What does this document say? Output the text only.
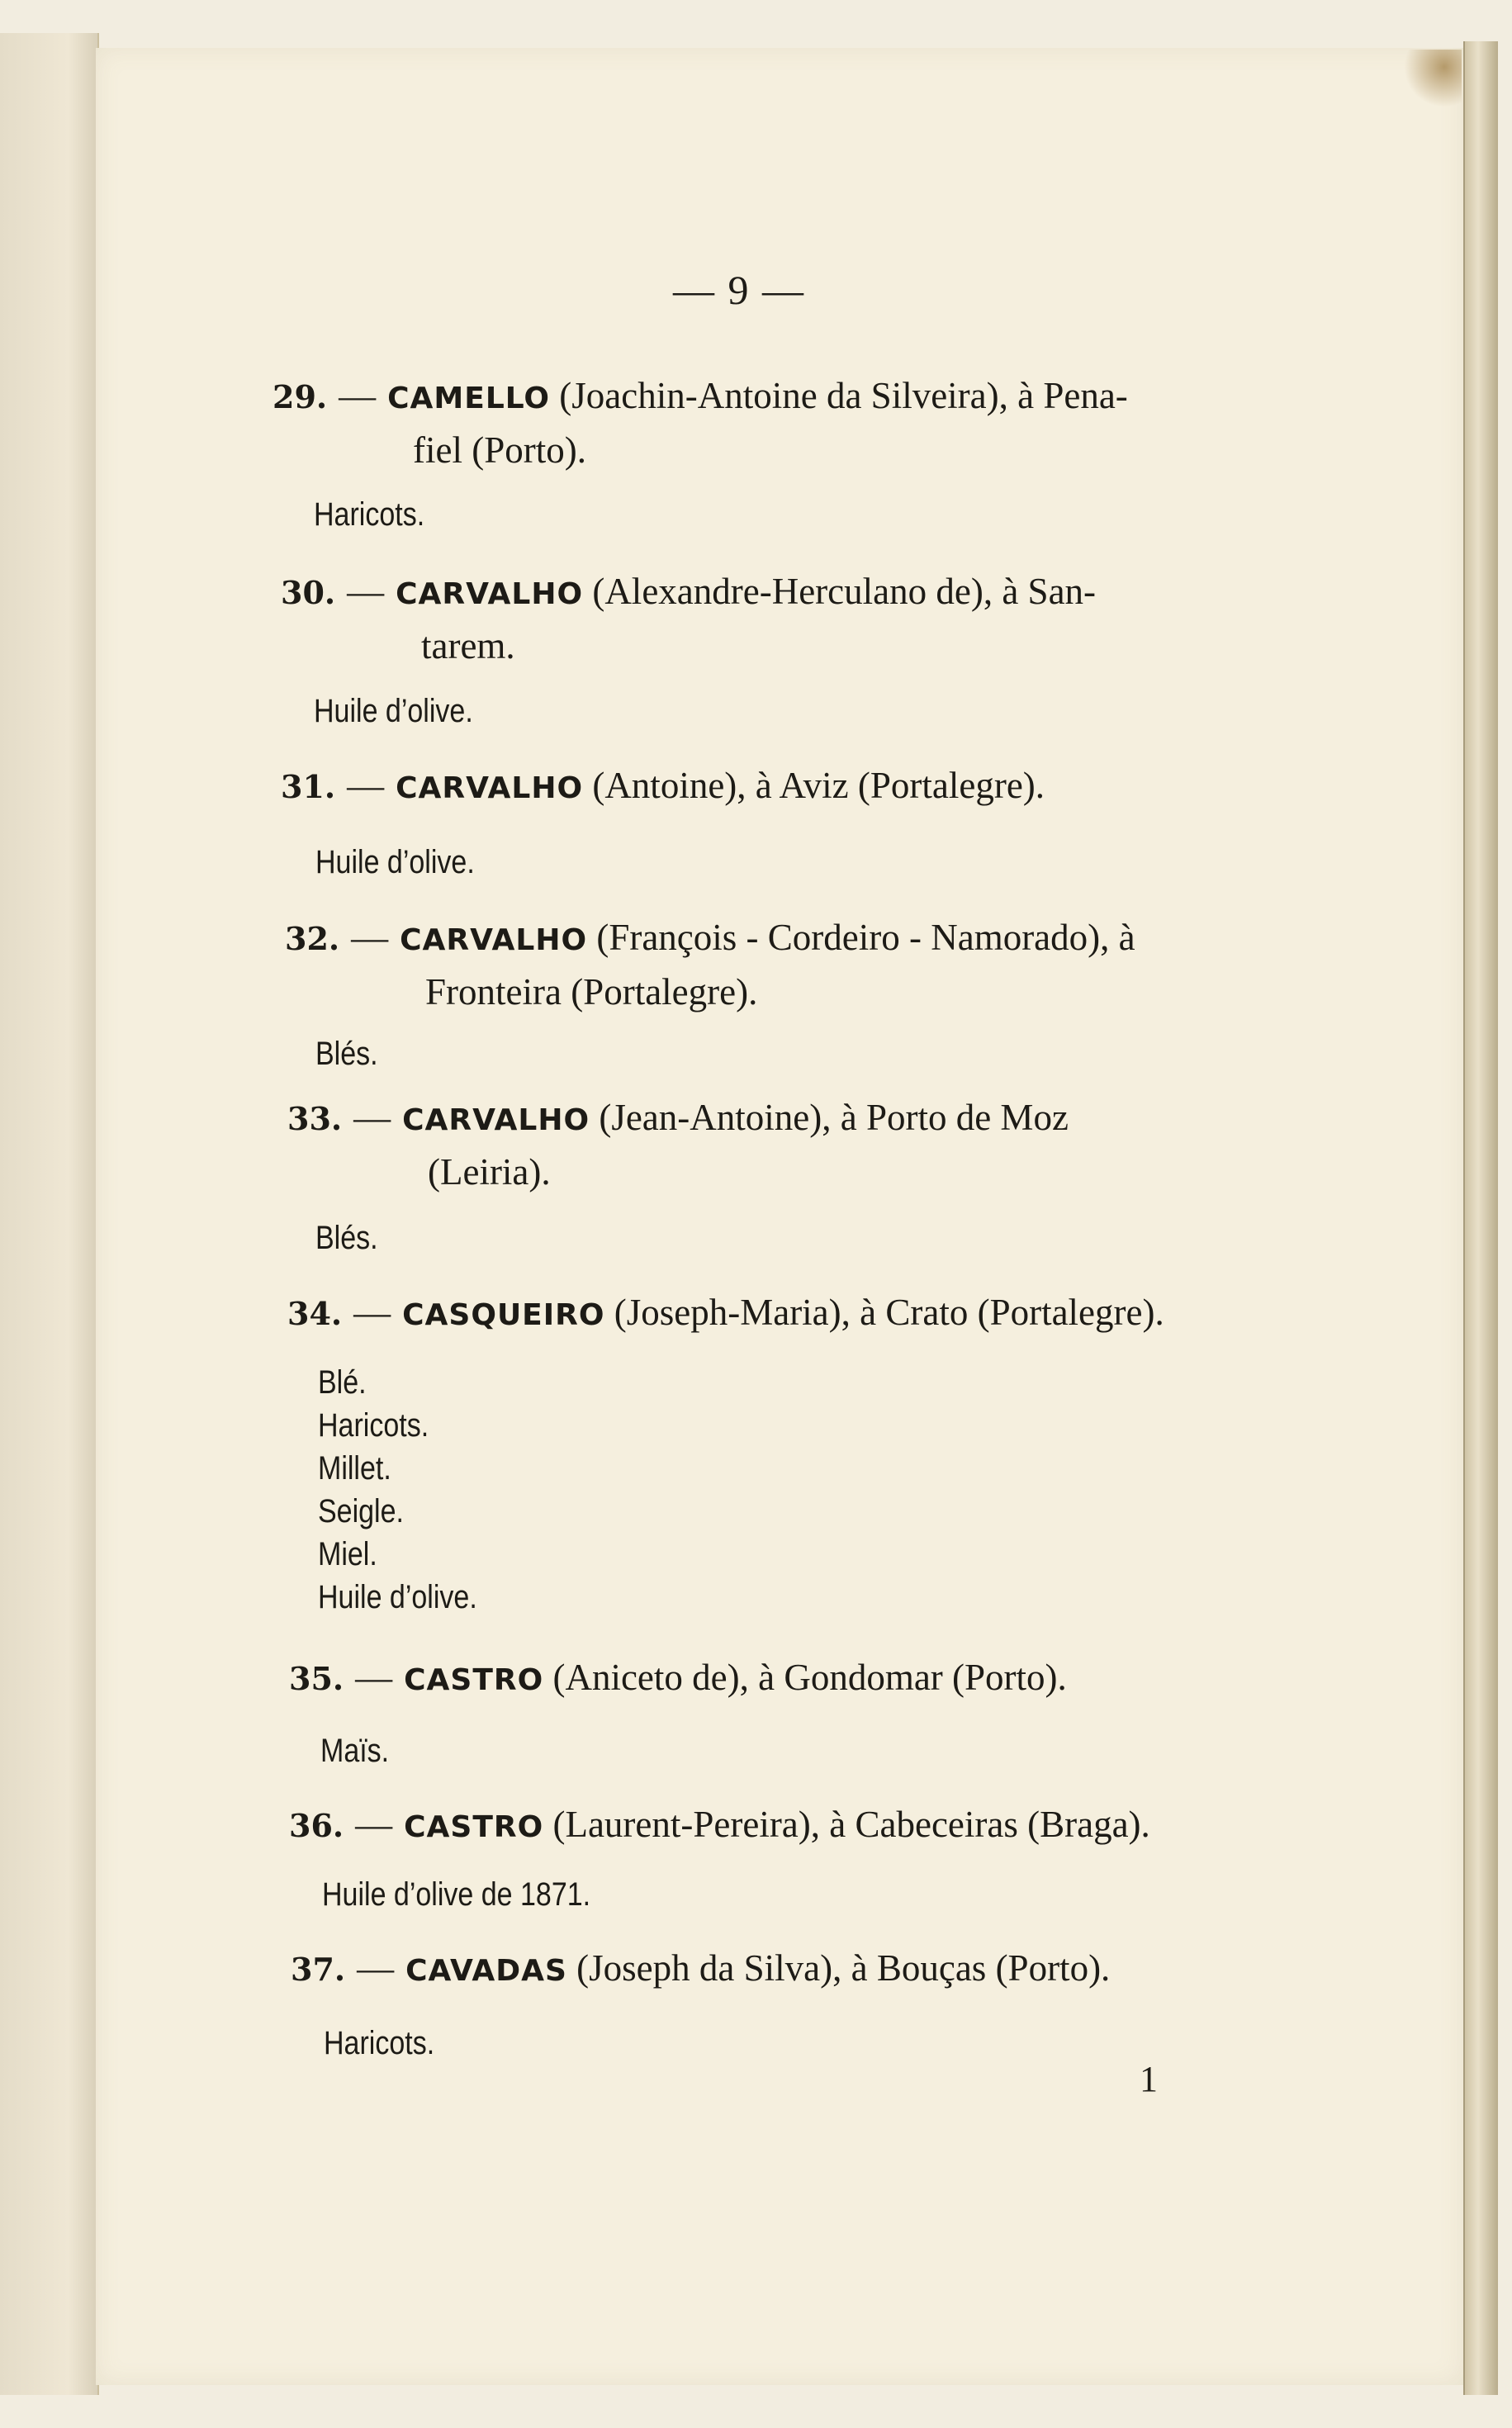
— 9 —
29. — CAMELLO (Joachin-Antoine da Silveira), à Pena-
fiel (Porto).
Haricots.
30. — CARVALHO (Alexandre-Herculano de), à San-
tarem.
Huile d’olive.
31. — CARVALHO (Antoine), à Aviz (Portalegre).
Huile d’olive.
32. — CARVALHO (François - Cordeiro - Namorado), à
Fronteira (Portalegre).
Blés.
33. — CARVALHO (Jean-Antoine), à Porto de Moz
(Leiria).
Blés.
34. — CASQUEIRO (Joseph-Maria), à Crato (Portalegre).
Blé.
Haricots.
Millet.
Seigle.
Miel.
Huile d’olive.
35. — CASTRO (Aniceto de), à Gondomar (Porto).
Maïs.
36. — CASTRO (Laurent-Pereira), à Cabeceiras (Braga).
Huile d’olive de 1871.
37. — CAVADAS (Joseph da Silva), à Bouças (Porto).
Haricots.
1
